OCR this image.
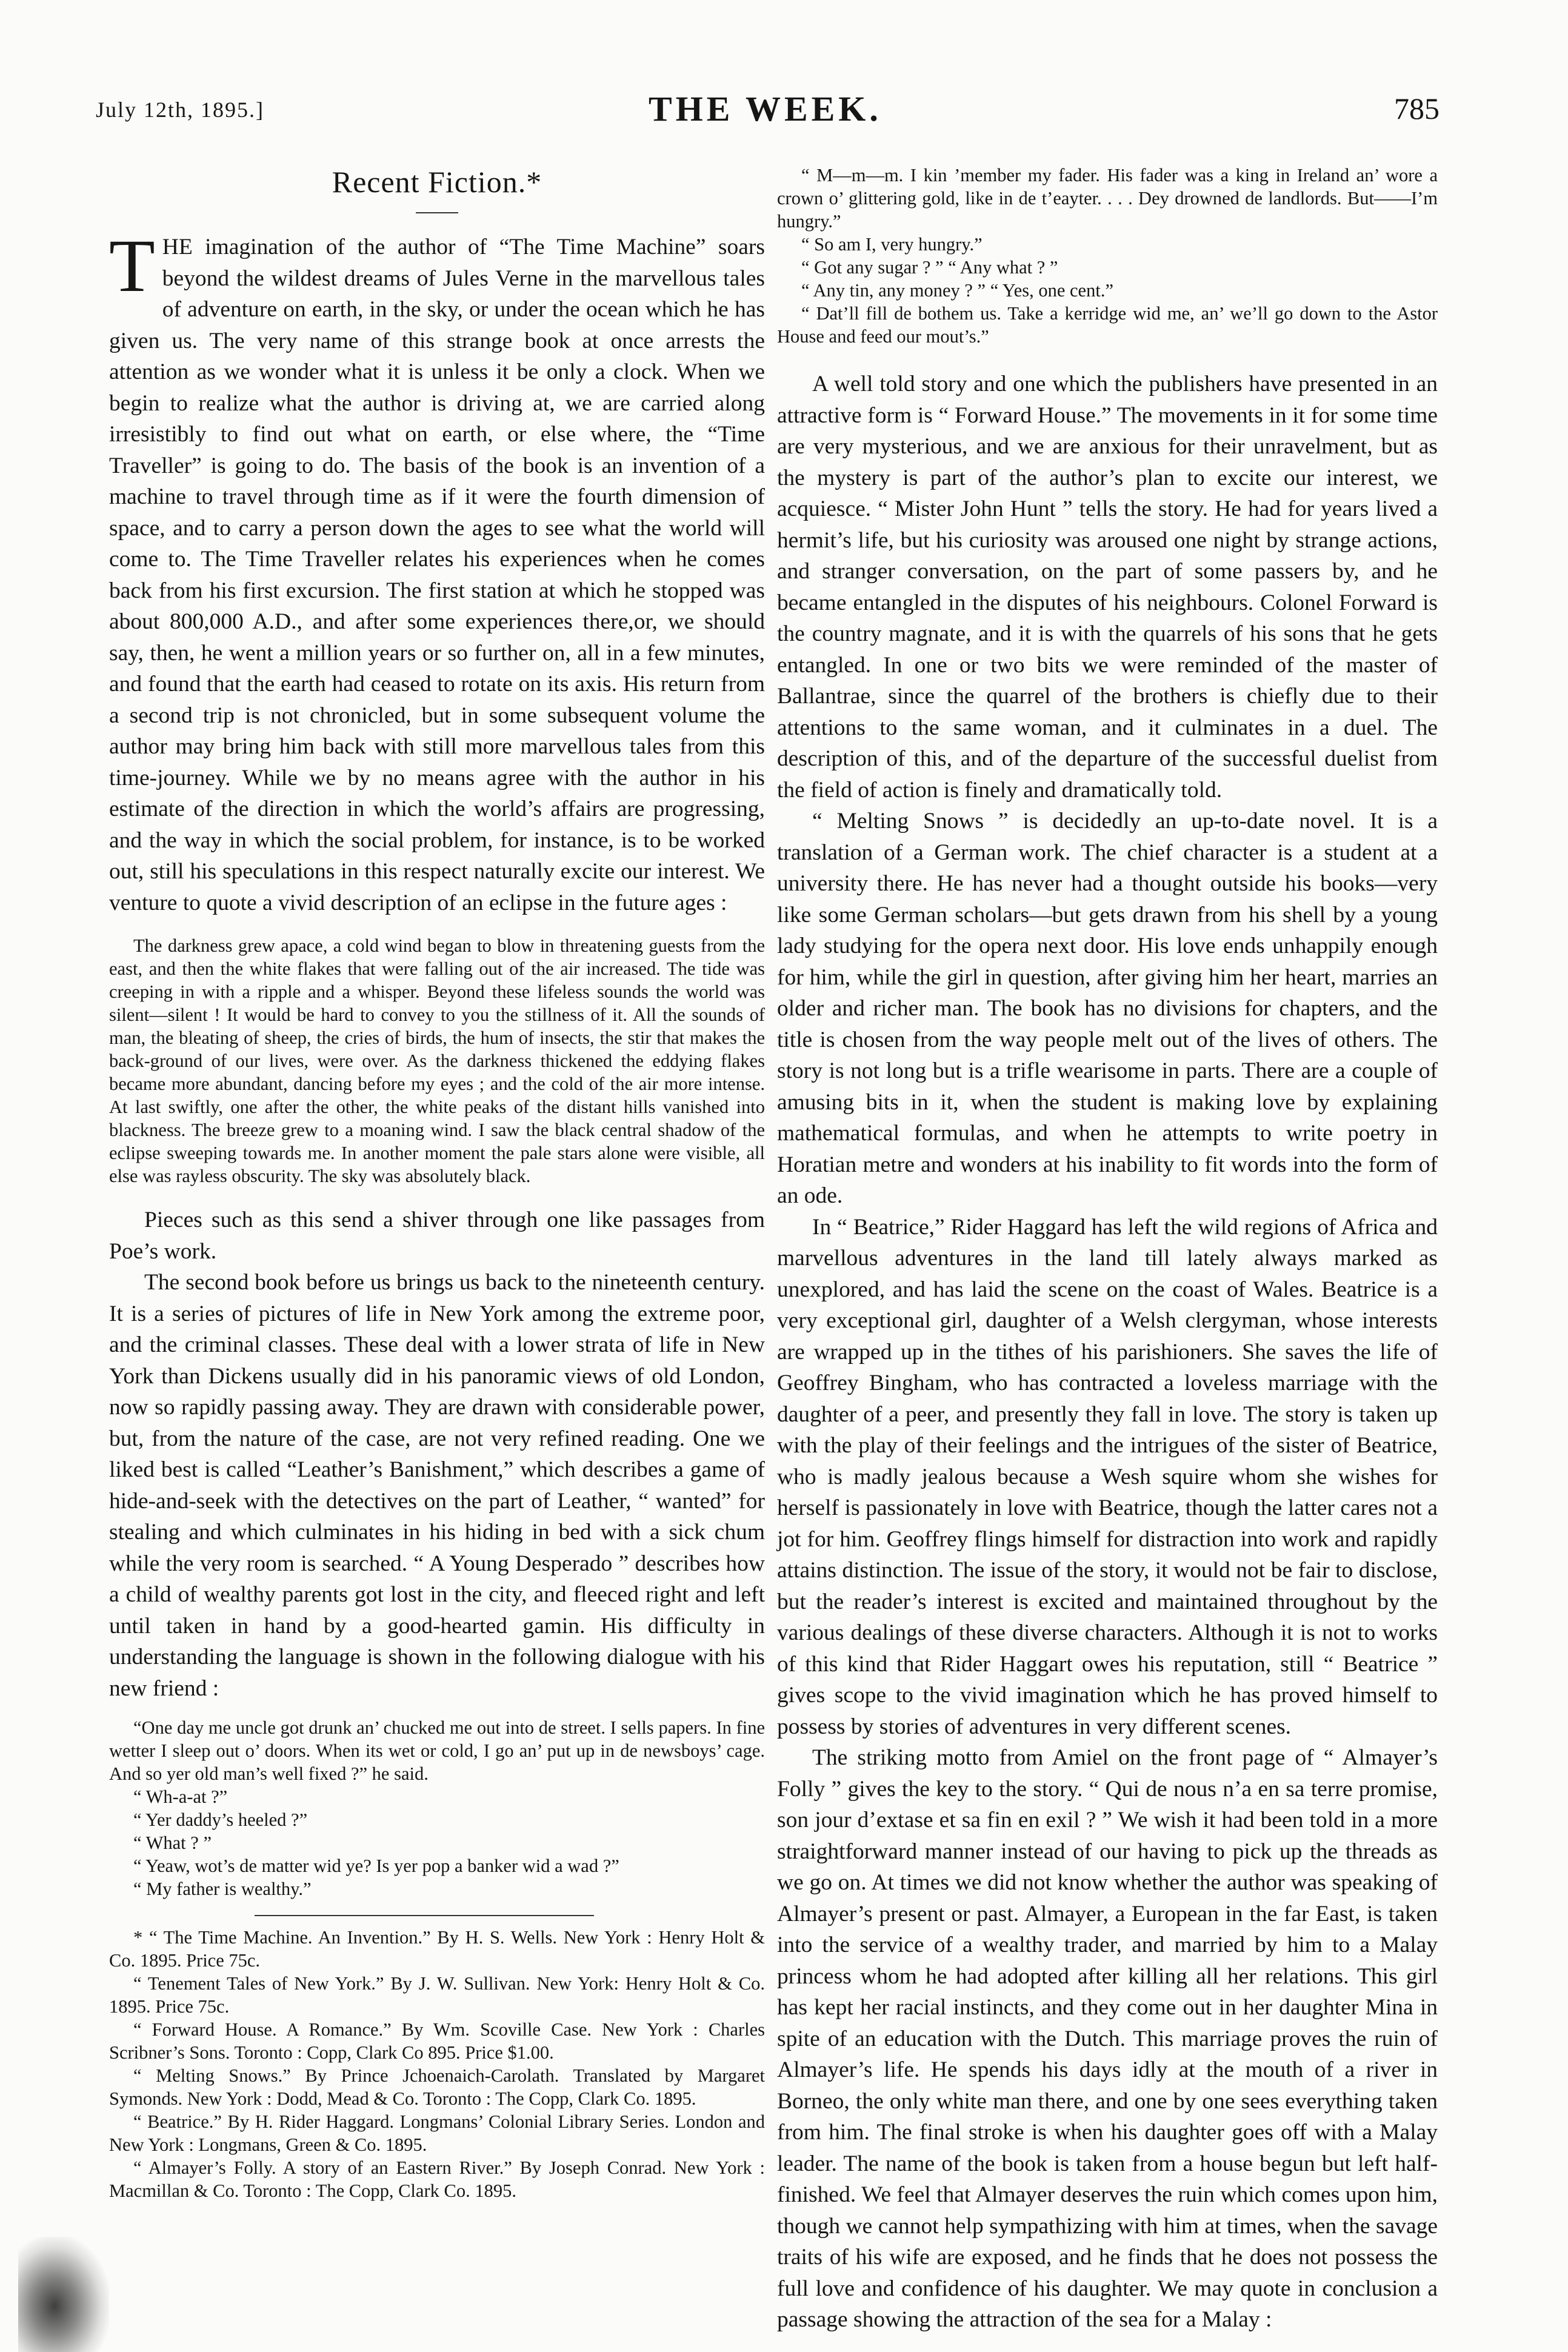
July 12th, 1895.]	THE WEEK.	785
Recent Fiction.*

THE imagination of the author of “The Time Machine” soars beyond the wildest dreams of Jules Verne in the marvellous tales of adventure on earth, in the sky, or under the ocean which he has given us. The very name of this strange book at once arrests the attention as we wonder what it is unless it be only a clock. When we begin to realize what the author is driving at, we are carried along irresistibly to find out what on earth, or else where, the “Time Traveller” is going to do. The basis of the book is an invention of a machine to travel through time as if it were the fourth dimension of space, and to carry a person down the ages to see what the world will come to. The Time Traveller relates his experiences when he comes back from his first excursion. The first station at which he stopped was about 800,000 A.D., and after some experiences there,or, we should say, then, he went a million years or so further on, all in a few minutes, and found that the earth had ceased to rotate on its axis. His return from a second trip is not chronicled, but in some subsequent volume the author may bring him back with still more marvellous tales from this time-journey. While we by no means agree with the author in his estimate of the direction in which the world’s affairs are progressing, and the way in which the social problem, for instance, is to be worked out, still his speculations in this respect naturally excite our interest. We venture to quote a vivid description of an eclipse in the future ages :

The darkness grew apace, a cold wind began to blow in threatening guests from the east, and then the white flakes that were falling out of the air increased. The tide was creeping in with a ripple and a whisper. Beyond these lifeless sounds the world was silent—silent ! It would be hard to convey to you the stillness of it. All the sounds of man, the bleating of sheep, the cries of birds, the hum of insects, the stir that makes the back-ground of our lives, were over. As the darkness thickened the eddying flakes became more abundant, dancing before my eyes ; and the cold of the air more intense. At last swiftly, one after the other, the white peaks of the distant hills vanished into blackness. The breeze grew to a moaning wind. I saw the black central shadow of the eclipse sweeping towards me. In another moment the pale stars alone were visible, all else was rayless obscurity. The sky was absolutely black.

Pieces such as this send a shiver through one like passages from Poe’s work.

The second book before us brings us back to the nineteenth century. It is a series of pictures of life in New York among the extreme poor, and the criminal classes. These deal with a lower strata of life in New York than Dickens usually did in his panoramic views of old London, now so rapidly passing away. They are drawn with considerable power, but, from the nature of the case, are not very refined reading. One we liked best is called “Leather’s Banishment,” which describes a game of hide-and-seek with the detectives on the part of Leather, “ wanted” for stealing and which culminates in his hiding in bed with a sick chum while the very room is searched. “ A Young Desperado ” describes how a child of wealthy parents got lost in the city, and fleeced right and left until taken in hand by a good-hearted gamin. His difficulty in understanding the language is shown in the following dialogue with his new friend :

“One day me uncle got drunk an’ chucked me out into de street. I sells papers. In fine wetter I sleep out o’ doors. When its wet or cold, I go an’ put up in de newsboys’ cage. And so yer old man’s well fixed ?” he said.

“ Wh-a-at ?”

“ Yer daddy’s heeled ?”

“ What ? ”

“ Yeaw, wot’s de matter wid ye? Is yer pop a banker wid a wad ?”

“ My father is wealthy.”

* “ The Time Machine. An Invention.” By H. S. Wells. New York : Henry Holt & Co. 1895. Price 75c.

“ Tenement Tales of New York.” By J. W. Sullivan. New York: Henry Holt & Co. 1895. Price 75c.

“ Forward House. A Romance.” By Wm. Scoville Case. New York : Charles Scribner’s Sons. Toronto : Copp, Clark Co 895. Price $1.00.

“ Melting Snows.” By Prince Jchoenaich-Carolath. Translated by Margaret Symonds. New York : Dodd, Mead & Co. Toronto : The Copp, Clark Co. 1895.

“ Beatrice.” By H. Rider Haggard. Longmans’ Colonial Library Series. London and New York : Longmans, Green & Co. 1895.

“ Almayer’s Folly. A story of an Eastern River.” By Joseph Conrad. New York : Macmillan & Co. Toronto : The Copp, Clark Co. 1895.

“ M—m—m. I kin ’member my fader. His fader was a king in Ireland an’ wore a crown o’ glittering gold, like in de t’eayter. . . . Dey drowned de landlords. But——I’m hungry.”

“ So am I, very hungry.”

“ Got any sugar ? ” “ Any what ? ”

“ Any tin, any money ? ” “ Yes, one cent.”

“ Dat’ll fill de bothem us. Take a kerridge wid me, an’ we’ll go down to the Astor House and feed our mout’s.”

A well told story and one which the publishers have presented in an attractive form is “ Forward House.” The movements in it for some time are very mysterious, and we are anxious for their unravelment, but as the mystery is part of the author’s plan to excite our interest, we acquiesce. “ Mister John Hunt ” tells the story. He had for years lived a hermit’s life, but his curiosity was aroused one night by strange actions, and stranger conversation, on the part of some passers by, and he became entangled in the disputes of his neighbours. Colonel Forward is the country magnate, and it is with the quarrels of his sons that he gets entangled. In one or two bits we were reminded of the master of Ballantrae, since the quarrel of the brothers is chiefly due to their attentions to the same woman, and it culminates in a duel. The description of this, and of the departure of the successful duelist from the field of action is finely and dramatically told.

“ Melting Snows ” is decidedly an up-to-date novel. It is a translation of a German work. The chief character is a student at a university there. He has never had a thought outside his books—very like some German scholars—but gets drawn from his shell by a young lady studying for the opera next door. His love ends unhappily enough for him, while the girl in question, after giving him her heart, marries an older and richer man. The book has no divisions for chapters, and the title is chosen from the way people melt out of the lives of others. The story is not long but is a trifle wearisome in parts. There are a couple of amusing bits in it, when the student is making love by explaining mathematical formulas, and when he attempts to write poetry in Horatian metre and wonders at his inability to fit words into the form of an ode.

In “ Beatrice,” Rider Haggard has left the wild regions of Africa and marvellous adventures in the land till lately always marked as unexplored, and has laid the scene on the coast of Wales. Beatrice is a very exceptional girl, daughter of a Welsh clergyman, whose interests are wrapped up in the tithes of his parishioners. She saves the life of Geoffrey Bingham, who has contracted a loveless marriage with the daughter of a peer, and presently they fall in love. The story is taken up with the play of their feelings and the intrigues of the sister of Beatrice, who is madly jealous because a Wesh squire whom she wishes for herself is passionately in love with Beatrice, though the latter cares not a jot for him. Geoffrey flings himself for distraction into work and rapidly attains distinction. The issue of the story, it would not be fair to disclose, but the reader’s interest is excited and maintained throughout by the various dealings of these diverse characters. Although it is not to works of this kind that Rider Haggart owes his reputation, still “ Beatrice ” gives scope to the vivid imagination which he has proved himself to possess by stories of adventures in very different scenes.

The striking motto from Amiel on the front page of “ Almayer’s Folly ” gives the key to the story. “ Qui de nous n’a en sa terre promise, son jour d’extase et sa fin en exil ? ” We wish it had been told in a more straightforward manner instead of our having to pick up the threads as we go on. At times we did not know whether the author was speaking of Almayer’s present or past. Almayer, a European in the far East, is taken into the service of a wealthy trader, and married by him to a Malay princess whom he had adopted after killing all her relations. This girl has kept her racial instincts, and they come out in her daughter Mina in spite of an education with the Dutch. This marriage proves the ruin of Almayer’s life. He spends his days idly at the mouth of a river in Borneo, the only white man there, and one by one sees everything taken from him. The final stroke is when his daughter goes off with a Malay leader. The name of the book is taken from a house begun but left half-finished. We feel that Almayer deserves the ruin which comes upon him, though we cannot help sympathizing with him at times, when the savage traits of his wife are exposed, and he finds that he does not possess the full love and confidence of his daughter. We may quote in conclusion a passage showing the attraction of the sea for a Malay :
